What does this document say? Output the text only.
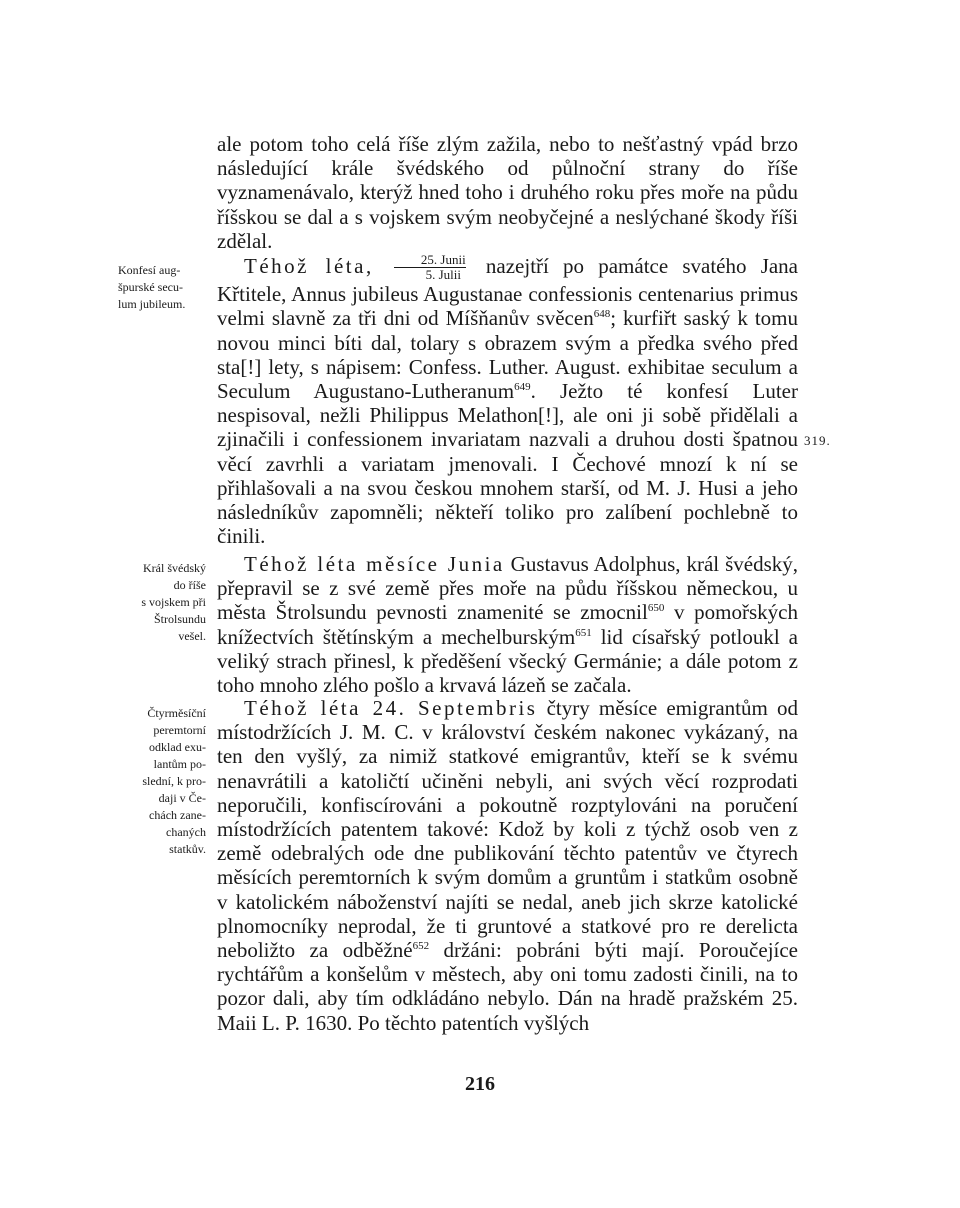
ale potom toho celá říše zlým zažila, nebo to nešťastný vpád brzo následující krále švédského od půlnoční strany do říše vyznamenávalo, kterýž hned toho i druhého roku přes moře na půdu říšskou se dal a s vojskem svým neobyčejné a neslýchané škody říši zdělal.

Téhož léta, $\frac{\text{25. Junii}}{\text{5. Julii}}$ nazejtří po památce svatého Jana Křtitele, Annus jubileus Augustanae confessionis centenarius primus velmi slavně za tři dni od Míšňanův svěcen$^{648}$; kurfiřt saský k tomu novou minci bíti dal, tolary s obrazem svým a předka svého před sta[!] lety, s nápisem: Confess. Luther. August. exhibitae seculum a Seculum Augustano-Lutheranum$^{649}$. Ježto té konfesí Luter nespisoval, nežli Philippus Melathon[!], ale oni ji sobě přidělali a zjinačili i confessionem invariatam nazvali a druhou dosti špatnou věcí zavrhli a variatam jmenovali. I Čechové mnozí k ní se přihlašovali a na svou českou mnohem starší, od M. J. Husi a jeho následníkův zapomněli; někteří toliko pro zalíbení pochlebně to činili.

Téhož léta měsíce Junia Gustavus Adolphus, král švédský, přepravil se z své země přes moře na půdu říšskou německou, u města Štrolsundu pevnosti znamenité se zmocnil$^{650}$ v pomořských knížectvích štětínským a mechelburským$^{651}$ lid císařský potloukl a veliký strach přinesl, k předěšení všecký Germánie; a dále potom z toho mnoho zlého pošlo a krvavá lázeň se začala.

Téhož léta 24. Septembris čtyry měsíce emigrantům od místodržících J. M. C. v království českém nakonec vykázaný, na ten den vyšlý, za nimiž statkové emigrantův, kteří se k svému nenavrátili a katoličtí učiněni nebyli, ani svých věcí rozprodati neporučili, konfiscírováni a pokoutně rozptylováni na poručení místodržících patentem takové: Kdož by koli z týchž osob ven z země odebralých ode dne publikování těchto patentův ve čtyrech měsících peremtorních k svým domům a gruntům i statkům osobně v katolickém náboženství najíti se nedal, aneb jich skrze katolické plnomocníky neprodal, že ti gruntové a statkové pro re derelicta neboližto za odběžné$^{652}$ držáni: pobráni býti mají. Poroučejíce rychtářům a konšelům v městech, aby oni tomu zadosti činili, na to pozor dali, aby tím odkládáno nebylo. Dán na hradě pražském 25. Maii L. P. 1630. Po těchto patentích vyšlých

Konfesí aug-
špurské secu-
lum jubileum.
Král švédský
do říše
s vojskem při
Štrolsundu
vešel.
Čtyrměsíční
peremtorní
odklad exu-
lantům po-
slední, k pro-
daji v Če-
chách zane-
chaných
statkův.
319.
216
